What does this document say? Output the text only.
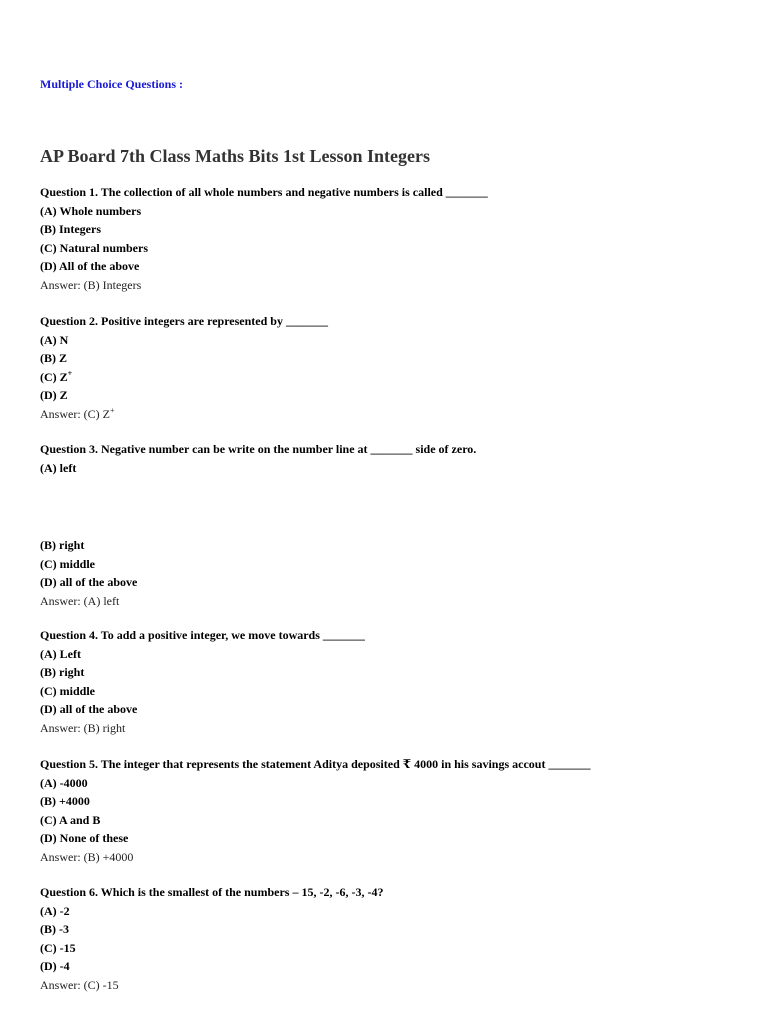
Multiple Choice Questions :
AP Board 7th Class Maths Bits 1st Lesson Integers
Question 1. The collection of all whole numbers and negative numbers is called _______
(A) Whole numbers
(B) Integers
(C) Natural numbers
(D) All of the above
Answer: (B) Integers
Question 2. Positive integers are represented by _______
(A) N
(B) Z
(C) Z+
(D) Z
Answer: (C) Z+
Question 3. Negative number can be write on the number line at _______ side of zero.
(A) left
(B) right
(C) middle
(D) all of the above
Answer: (A) left
Question 4. To add a positive integer, we move towards _______
(A) Left
(B) right
(C) middle
(D) all of the above
Answer: (B) right
Question 5. The integer that represents the statement Aditya deposited ₹ 4000 in his savings accout _______
(A) -4000
(B) +4000
(C) A and B
(D) None of these
Answer: (B) +4000
Question 6. Which is the smallest of the numbers – 15, -2, -6, -3, -4?
(A) -2
(B) -3
(C) -15
(D) -4
Answer: (C) -15
